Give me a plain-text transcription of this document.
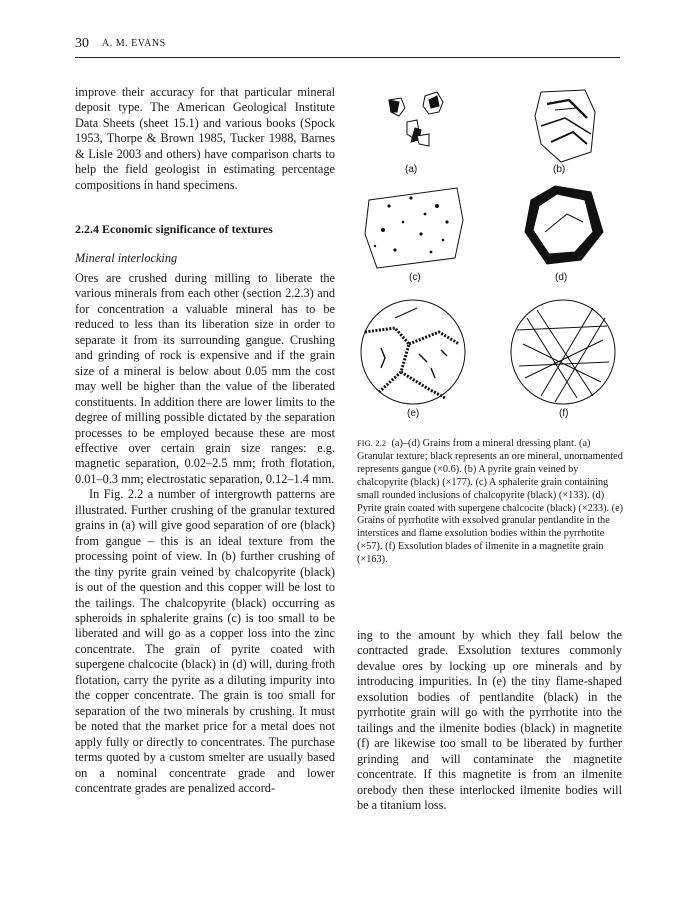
30 A. M. EVANS

improve their accuracy for that particular mineral deposit type. The American Geological Institute Data Sheets (sheet 15.1) and various books (Spock 1953, Thorpe & Brown 1985, Tucker 1988, Barnes & Lisle 2003 and others) have comparison charts to help the field geologist in estimating percentage compositions in hand specimens.

2.2.4 Economic significance of textures
Mineral interlocking

Ores are crushed during milling to liberate the various minerals from each other (section 2.2.3) and for concentration a valuable mineral has to be reduced to less than its liberation size in order to separate it from its surrounding gangue. Crushing and grinding of rock is expensive and if the grain size of a mineral is below about 0.05 mm the cost may well be higher than the value of the liberated constituents. In addition there are lower limits to the degree of milling possible dictated by the separation processes to be employed because these are most effective over certain grain size ranges: e.g. magnetic separation, 0.02–2.5 mm; froth flotation, 0.01–0.3 mm; electrostatic separation, 0.12–1.4 mm.

In Fig. 2.2 a number of intergrowth patterns are illustrated. Further crushing of the granular textured grains in (a) will give good separation of ore (black) from gangue – this is an ideal texture from the processing point of view. In (b) further crushing of the tiny pyrite grain veined by chalcopyrite (black) is out of the question and this copper will be lost to the tailings. The chalcopyrite (black) occurring as spheroids in sphalerite grains (c) is too small to be liberated and will go as a copper loss into the zinc concentrate. The grain of pyrite coated with supergene chalcocite (black) in (d) will, during froth flotation, carry the pyrite as a diluting impurity into the copper concentrate. The grain is too small for separation of the two minerals by crushing. It must be noted that the market price for a metal does not apply fully or directly to concentrates. The purchase terms quoted by a custom smelter are usually based on a nominal concentrate grade and lower concentrate grades are penalized accord-

ing to the amount by which they fall below the contracted grade. Exsolution textures commonly devalue ores by locking up ore minerals and by introducing impurities. In (e) the tiny flame-shaped exsolution bodies of pentlandite (black) in the pyrrhotite grain will go with the pyrrhotite into the tailings and the ilmenite bodies (black) in magnetite (f) are likewise too small to be liberated by further grinding and will contaminate the magnetite concentrate. If this magnetite is from an ilmenite orebody then these interlocked ilmenite bodies will be a titanium loss.

(a)	(b)
(c)	(d)
(e)	(f)

FIG. 2.2 (a)–(d) Grains from a mineral dressing plant. (a) Granular texture; black represents an ore mineral, unornamented represents gangue (×0.6). (b) A pyrite grain veined by chalcopyrite (black) (×177). (c) A sphalerite grain containing small rounded inclusions of chalcopyrite (black) (×133). (d) Pyrite grain coated with supergene chalcocite (black) (×233). (e) Grains of pyrrhotite with exsolved granular pentlandite in the interstices and flame exsolution bodies within the pyrrhotite (×57). (f) Exsolution blades of ilmenite in a magnetite grain (×163).
